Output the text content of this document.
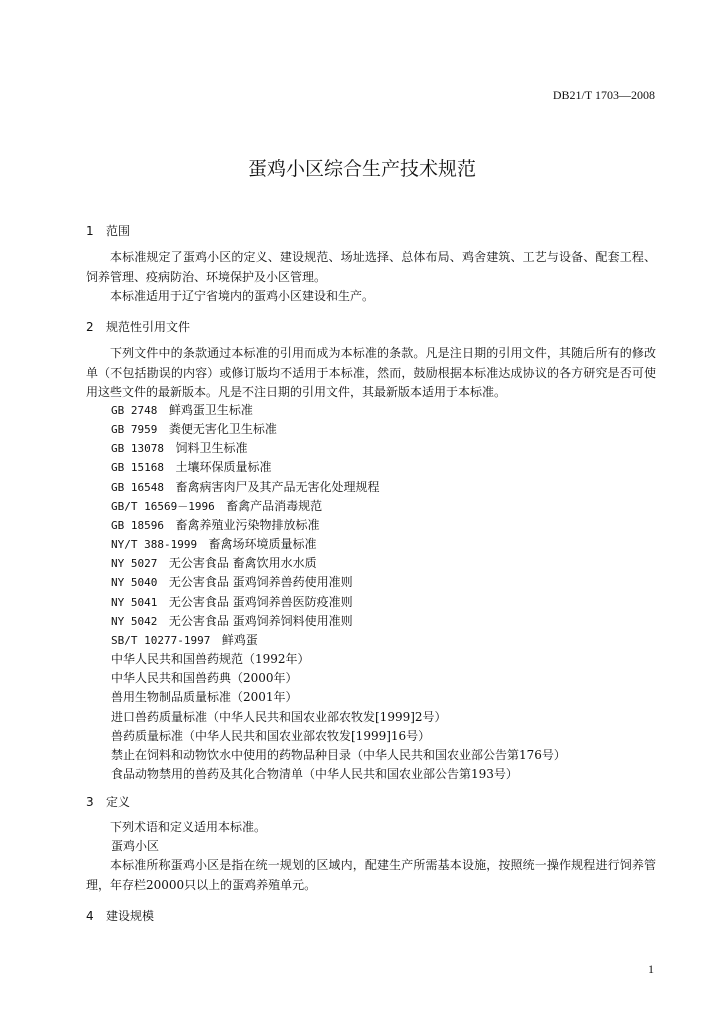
DB21/T 1703—2008
蛋鸡小区综合生产技术规范
1 范围
本标准规定了蛋鸡小区的定义、建设规范、场址选择、总体布局、鸡舍建筑、工艺与设备、配套工程、饲养管理、疫病防治、环境保护及小区管理。
本标准适用于辽宁省境内的蛋鸡小区建设和生产。
2 规范性引用文件
下列文件中的条款通过本标准的引用而成为本标准的条款。凡是注日期的引用文件，其随后所有的修改单（不包括勘误的内容）或修订版均不适用于本标准，然而，鼓励根据本标准达成协议的各方研究是否可使用这些文件的最新版本。凡是不注日期的引用文件，其最新版本适用于本标准。
GB 2748 鲜鸡蛋卫生标准
GB 7959 粪便无害化卫生标准
GB 13078 饲料卫生标准
GB 15168 土壤环保质量标准
GB 16548 畜禽病害肉尸及其产品无害化处理规程
GB/T 16569－1996 畜禽产品消毒规范
GB 18596 畜禽养殖业污染物排放标准
NY/T 388-1999 畜禽场环境质量标准
NY 5027 无公害食品 畜禽饮用水水质
NY 5040 无公害食品 蛋鸡饲养兽药使用准则
NY 5041 无公害食品 蛋鸡饲养兽医防疫准则
NY 5042 无公害食品 蛋鸡饲养饲料使用准则
SB/T 10277-1997 鲜鸡蛋
中华人民共和国兽药规范（1992年）
中华人民共和国兽药典（2000年）
兽用生物制品质量标准（2001年）
进口兽药质量标准（中华人民共和国农业部农牧发[1999]2号）
兽药质量标准（中华人民共和国农业部农牧发[1999]16号）
禁止在饲料和动物饮水中使用的药物品种目录（中华人民共和国农业部公告第176号）
食品动物禁用的兽药及其化合物清单（中华人民共和国农业部公告第193号）
3 定义
下列术语和定义适用本标准。
蛋鸡小区
本标准所称蛋鸡小区是指在统一规划的区域内，配建生产所需基本设施，按照统一操作规程进行饲养管理，年存栏20000只以上的蛋鸡养殖单元。
4 建设规模
1
